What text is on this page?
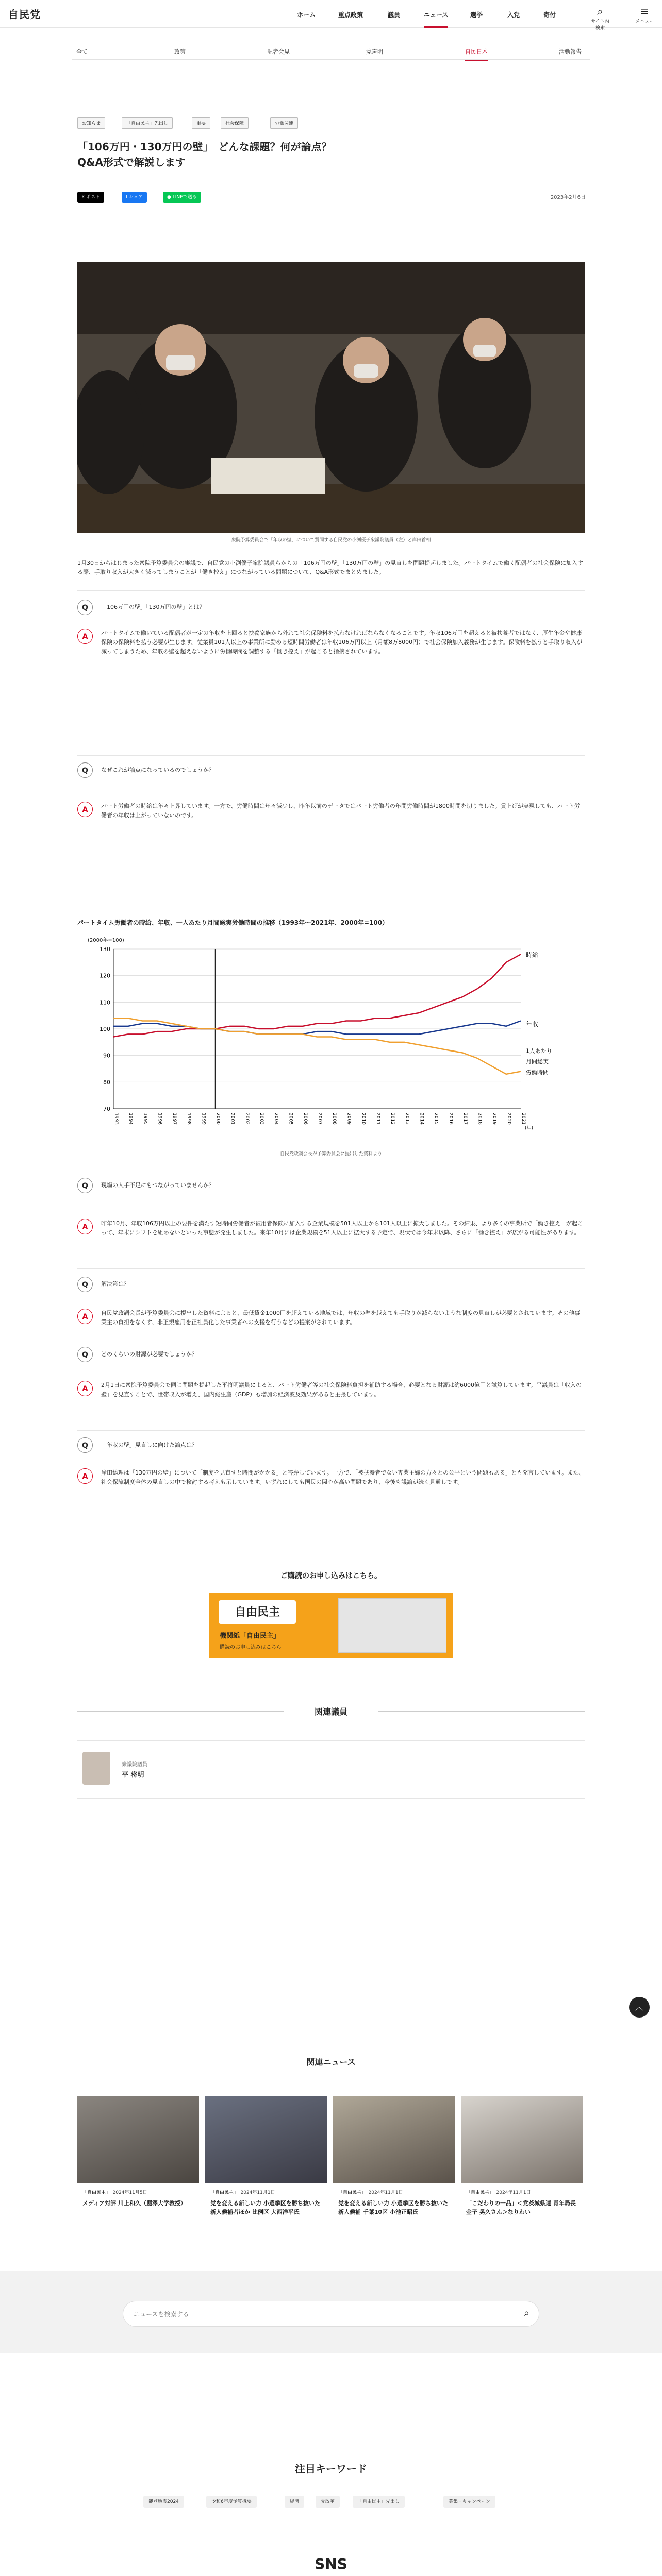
自民党	ホーム	重点政策	議員	ニュース	選挙	入党	寄付	⌕
サイト内検索
≡
メニュー
全て	政策	記者会見	党声明	自民日本	活動報告
お知らせ	「自由民主」先出し	重要	社会保障	労働関連
「106万円・130万円の壁」　どんな課題？何が論点？
Q&A形式で解説します
X ポスト	f シェア	● LINEで送る	2023年2月6日
衆院予算委員会で「年収の壁」について質問する自民党の小渕優子衆議院議員（左）と岸田首相
1月30日からはじまった衆院予算委員会の審議で、自民党の小渕優子衆院議員らからの「106万円の壁」「130万円の壁」の見直しを問題提起しました。パートタイムで働く配偶者の社会保険に加入する際、手取り収入が大きく減ってしまうことが「働き控え」につながっている問題について、Q&A形式でまとめました。
Q	「106万円の壁」「130万円の壁」とは？
A	パートタイムで働いている配偶者が一定の年収を上回ると扶養家族から外れて社会保険料を払わなければならなくなることです。年収106万円を超えると被扶養者ではなく、厚生年金や健康保険の保険料を払う必要が生じます。従業員101人以上の事業所に勤める短時間労働者は年収106万円以上（月額8万8000円）で社会保険加入義務が生じます。保険料を払うと手取り収入が減ってしまうため、年収の壁を超えないように労働時間を調整する「働き控え」が起こると指摘されています。
Q	なぜこれが論点になっているのでしょうか？
A	パート労働者の時給は年々上昇しています。一方で、労働時間は年々減少し、昨年以前のデータではパート労働者の年間労働時間が1800時間を切りました。賃上げが実現しても、パート労働者の年収は上がっていないのです。
パートタイム労働者の時給、年収、一人あたり月間総実労働時間の推移（1993年〜2021年、2000年=100）
(2000年=100)
70
80
90
100
110
120
130
1993 1994 1995 1996 1997 1998 1999 2000 2001 2002 2003 2004 2005 2006 2007 2008 2009 2010 2011 2012 2013 2014 2015 2016 2017 2018 2019 2020 2021
時給
年収
1人あたり
月間総実
労働時間
(年)
自民党政調会長が予算委員会に提出した資料より
Q	現場の人手不足にもつながっていませんか？
A	昨年10月、年収106万円以上の要件を満たす短時間労働者が被用者保険に加入する企業規模を501人以上から101人以上に拡大しました。その結果、より多くの事業所で「働き控え」が起こって、年末にシフトを組めないといった事態が発生しました。来年10月には企業規模を51人以上に拡大する予定で、現状では今年末以降、さらに「働き控え」が広がる可能性があります。
Q	解決策は？
A	自民党政調会長が予算委員会に提出した資料によると、最低賃金1000円を超えている地域では、年収の壁を越えても手取りが減らないような制度の見直しが必要とされています。その他事業主の負担をなくす、非正規雇用を正社員化した事業者への支援を行うなどの提案がされています。
Q	どのくらいの財源が必要でしょうか？
A	2月1日に衆院予算委員会で同じ問題を提起した平将明議員によると、パート労働者等の社会保険料負担を補助する場合、必要となる財源は約6000億円と試算しています。平議員は「収入の壁」を見直すことで、世帯収入が増え、国内総生産（GDP）も増加の経済波及効果があると主張しています。
Q	「年収の壁」見直しに向けた論点は？
A	岸田総理は「130万円の壁」について「制度を見直すと時間がかかる」と答弁しています。一方で、「被扶養者でない専業主婦の方々との公平という問題もある」とも発言しています。また、社会保障制度全体の見直しの中で検討する考えも示しています。いずれにしても国民の関心が高い問題であり、今後も議論が続く見通しです。
ご購読のお申し込みはこちら。
自由民主
機関紙「自由民主」
購読のお申し込みはこちら
関連議員
衆議院議員
平 将明
関連ニュース
「自由民主」　 2024年11月5日
メディア対評 川上和久（麗澤大学教授）
「自由民主」　 2024年11月1日
党を変える新しい力 小選挙区を勝ち抜いた新人候補者ほか 比例区 大西洋平氏
「自由民主」　 2024年11月1日
党を変える新しい力 小選挙区を勝ち抜いた新人候補 千葉10区 小池正昭氏
「自由民主」　 2024年11月1日
「こだわりの一品」＜党茨城県連 青年局長 金子 晃久さん＞なりわい
︿
ニュースを検索する
⌕
注目キーワード
能登地震2024	令和6年度予算概要	経済	党改革	「自由民主」先出し	募集・キャンペーン
SNS
